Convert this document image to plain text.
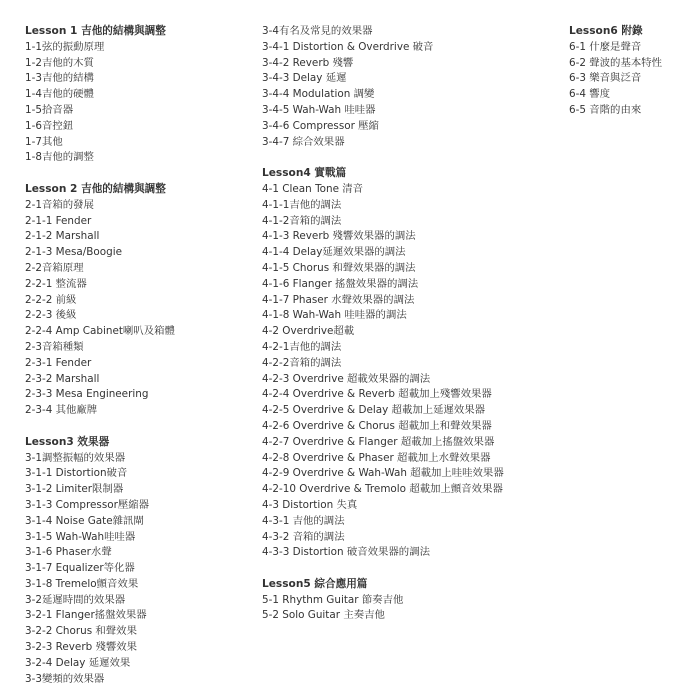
Lesson 1 吉他的結構與調整
1-1弦的振動原理
1-2吉他的木質
1-3吉他的結構
1-4吉他的硬體
1-5拾音器
1-6音控鈕
1-7其他
1-8吉他的調整
Lesson 2 吉他的結構與調整
2-1音箱的發展
2-1-1 Fender
2-1-2 Marshall
2-1-3 Mesa/Boogie
2-2音箱原理
2-2-1 整流器
2-2-2 前級
2-2-3 後級
2-2-4 Amp Cabinet喇叭及箱體
2-3音箱種類
2-3-1 Fender
2-3-2 Marshall
2-3-3 Mesa Engineering
2-3-4 其他廠牌
Lesson3 效果器
3-1調整振幅的效果器
3-1-1 Distortion破音
3-1-2 Limiter限制器
3-1-3 Compressor壓縮器
3-1-4 Noise Gate雜訊閘
3-1-5 Wah-Wah哇哇器
3-1-6 Phaser水聲
3-1-7 Equalizer等化器
3-1-8 Tremelo顫音效果
3-2延遲時間的效果器
3-2-1 Flanger搖盤效果器
3-2-2 Chorus 和聲效果
3-2-3 Reverb 殘響效果
3-2-4 Delay 延遲效果
3-3變頻的效果器
3-4有名及常見的效果器
3-4-1 Distortion & Overdrive 破音
3-4-2 Reverb 殘響
3-4-3 Delay 延遲
3-4-4 Modulation 調變
3-4-5 Wah-Wah 哇哇器
3-4-6 Compressor 壓縮
3-4-7 綜合效果器
Lesson4 實戰篇
4-1 Clean Tone 清音
4-1-1吉他的調法
4-1-2音箱的調法
4-1-3 Reverb 殘響效果器的調法
4-1-4 Delay延遲效果器的調法
4-1-5 Chorus 和聲效果器的調法
4-1-6 Flanger 搖盤效果器的調法
4-1-7 Phaser 水聲效果器的調法
4-1-8 Wah-Wah 哇哇器的調法
4-2 Overdrive超載
4-2-1吉他的調法
4-2-2音箱的調法
4-2-3 Overdrive 超載效果器的調法
4-2-4 Overdrive & Reverb 超載加上殘響效果器
4-2-5 Overdrive & Delay 超載加上延遲效果器
4-2-6 Overdrive & Chorus 超載加上和聲效果器
4-2-7 Overdrive & Flanger 超載加上搖盤效果器
4-2-8 Overdrive & Phaser 超載加上水聲效果器
4-2-9 Overdrive & Wah-Wah 超載加上哇哇效果器
4-2-10 Overdrive & Tremolo 超載加上顫音效果器
4-3 Distortion 失真
4-3-1 吉他的調法
4-3-2 音箱的調法
4-3-3 Distortion 破音效果器的調法
Lesson5 綜合應用篇
5-1 Rhythm Guitar 節奏吉他
5-2 Solo Guitar 主奏吉他
Lesson6 附錄
6-1 什麼是聲音
6-2 聲波的基本特性
6-3 樂音與泛音
6-4 響度
6-5 音階的由來
